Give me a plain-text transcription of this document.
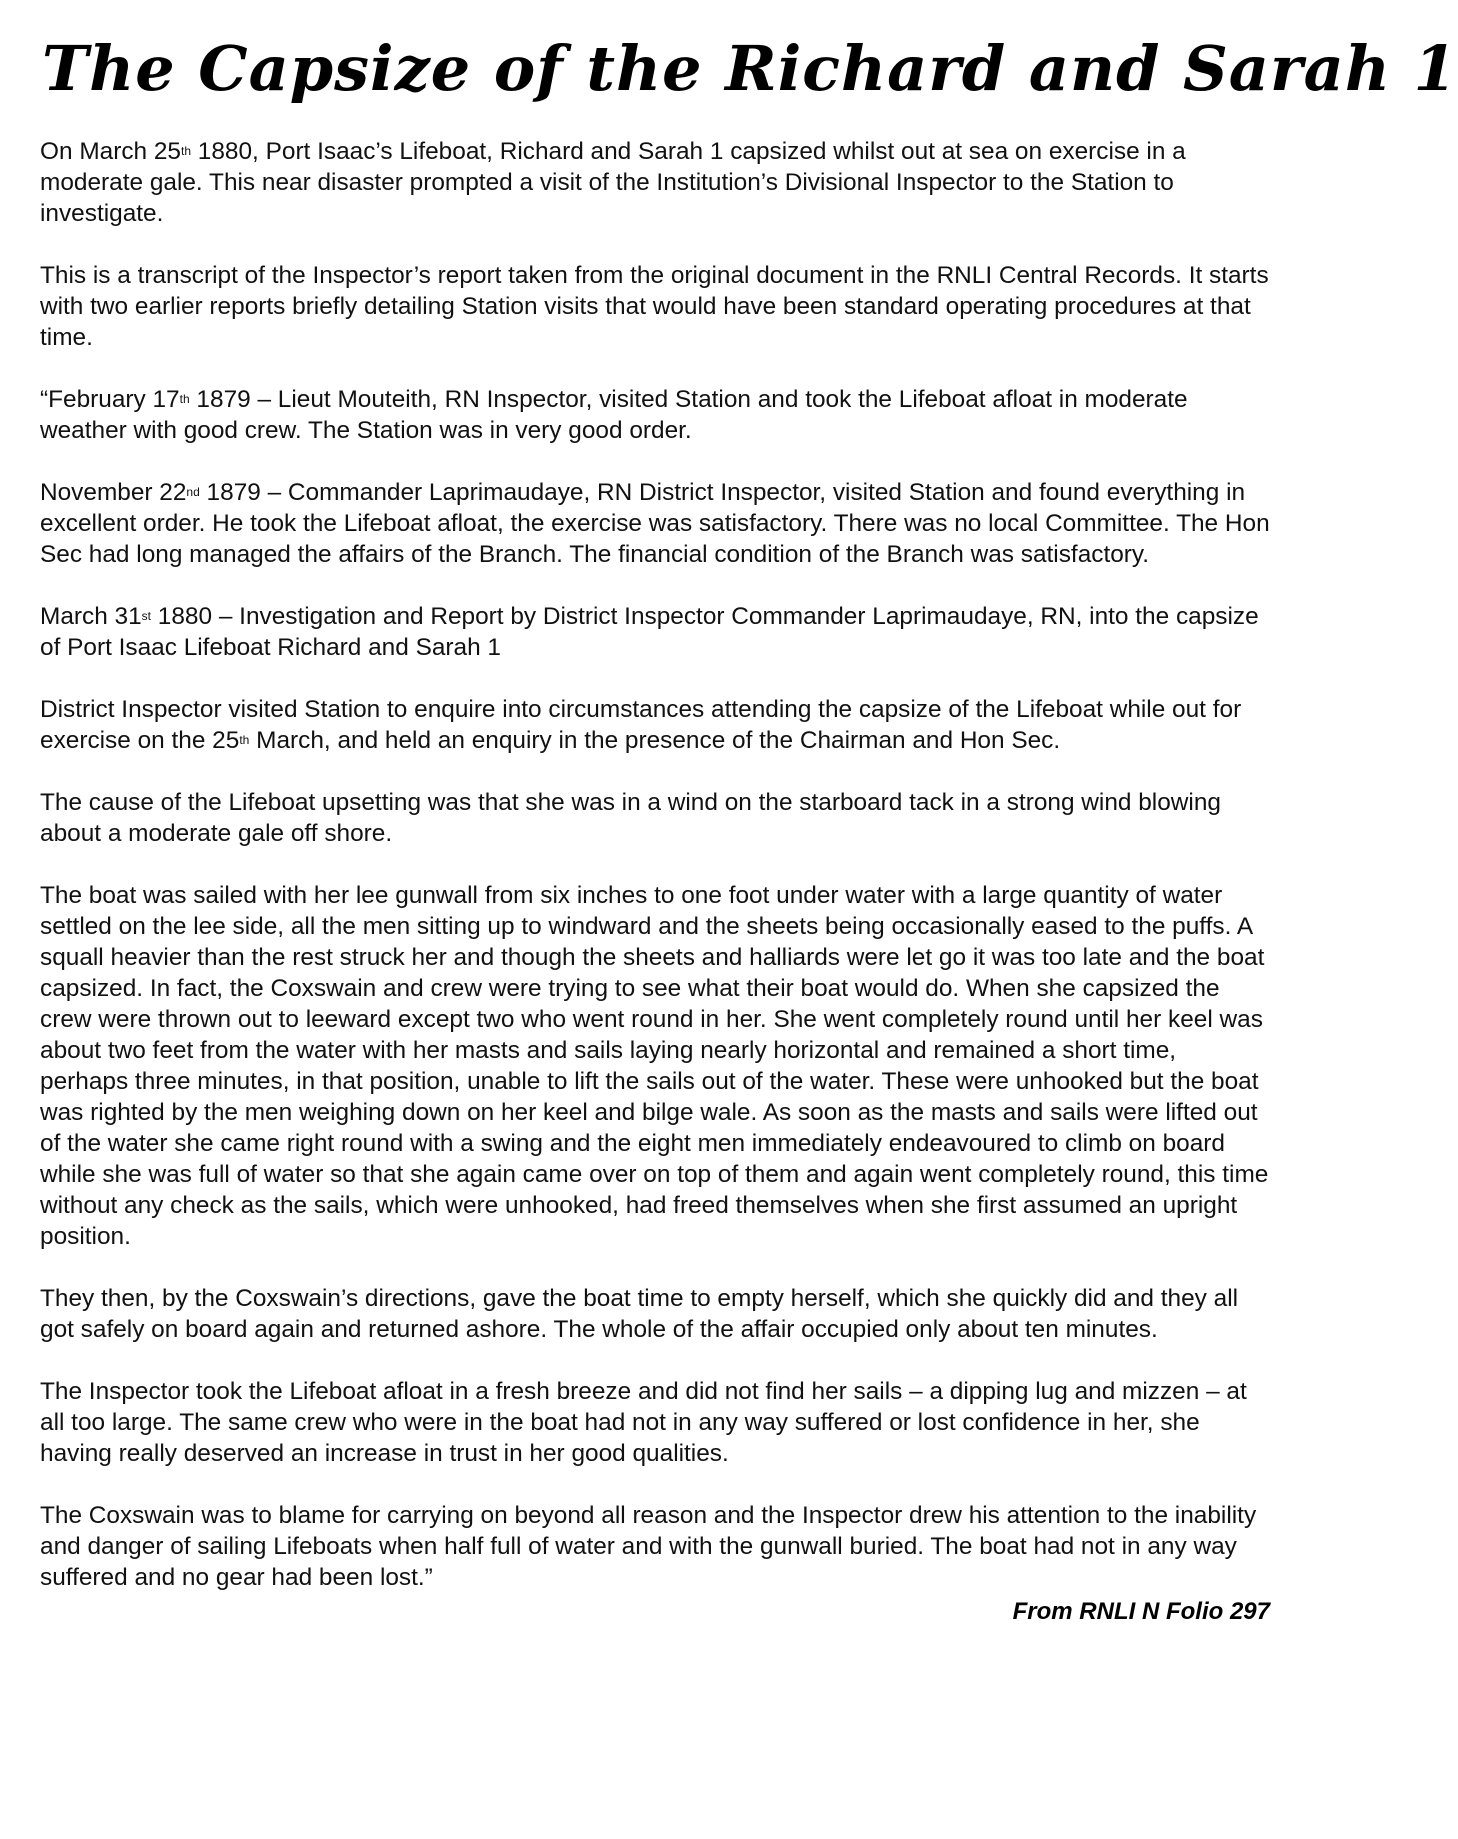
The Capsize of the Richard and Sarah 1

On March 25th 1880, Port Isaac’s Lifeboat, Richard and Sarah 1 capsized whilst out at sea on exercise in a moderate gale. This near disaster prompted a visit of the Institution’s Divisional Inspector to the Station to investigate.

This is a transcript of the Inspector’s report taken from the original document in the RNLI Central Records. It starts with two earlier reports briefly detailing Station visits that would have been standard operating procedures at that time.

“February 17th 1879 – Lieut Mouteith, RN Inspector, visited Station and took the Lifeboat afloat in moderate weather with good crew. The Station was in very good order.

November 22nd 1879 – Commander Laprimaudaye, RN District Inspector, visited Station and found everything in excellent order. He took the Lifeboat afloat, the exercise was satisfactory. There was no local Committee. The Hon Sec had long managed the affairs of the Branch. The financial condition of the Branch was satisfactory.

March 31st 1880 – Investigation and Report by District Inspector Commander Laprimaudaye, RN, into the capsize of Port Isaac Lifeboat Richard and Sarah 1

District Inspector visited Station to enquire into circumstances attending the capsize of the Lifeboat while out for exercise on the 25th March, and held an enquiry in the presence of the Chairman and Hon Sec.

The cause of the Lifeboat upsetting was that she was in a wind on the starboard tack in a strong wind blowing about a moderate gale off shore.

The boat was sailed with her lee gunwall from six inches to one foot under water with a large quantity of water settled on the lee side, all the men sitting up to windward and the sheets being occasionally eased to the puffs. A squall heavier than the rest struck her and though the sheets and halliards were let go it was too late and the boat capsized. In fact, the Coxswain and crew were trying to see what their boat would do. When she capsized the crew were thrown out to leeward except two who went round in her. She went completely round until her keel was about two feet from the water with her masts and sails laying nearly horizontal and remained a short time, perhaps three minutes, in that position, unable to lift the sails out of the water. These were unhooked but the boat was righted by the men weighing down on her keel and bilge wale. As soon as the masts and sails were lifted out of the water she came right round with a swing and the eight men immediately endeavoured to climb on board while she was full of water so that she again came over on top of them and again went completely round, this time without any check as the sails, which were unhooked, had freed themselves when she first assumed an upright position.

They then, by the Coxswain’s directions, gave the boat time to empty herself, which she quickly did and they all got safely on board again and returned ashore. The whole of the affair occupied only about ten minutes.

The Inspector took the Lifeboat afloat in a fresh breeze and did not find her sails – a dipping lug and mizzen – at all too large. The same crew who were in the boat had not in any way suffered or lost confidence in her, she having really deserved an increase in trust in her good qualities.

The Coxswain was to blame for carrying on beyond all reason and the Inspector drew his attention to the inability and danger of sailing Lifeboats when half full of water and with the gunwall buried. The boat had not in any way suffered and no gear had been lost.”

From RNLI N Folio 297
